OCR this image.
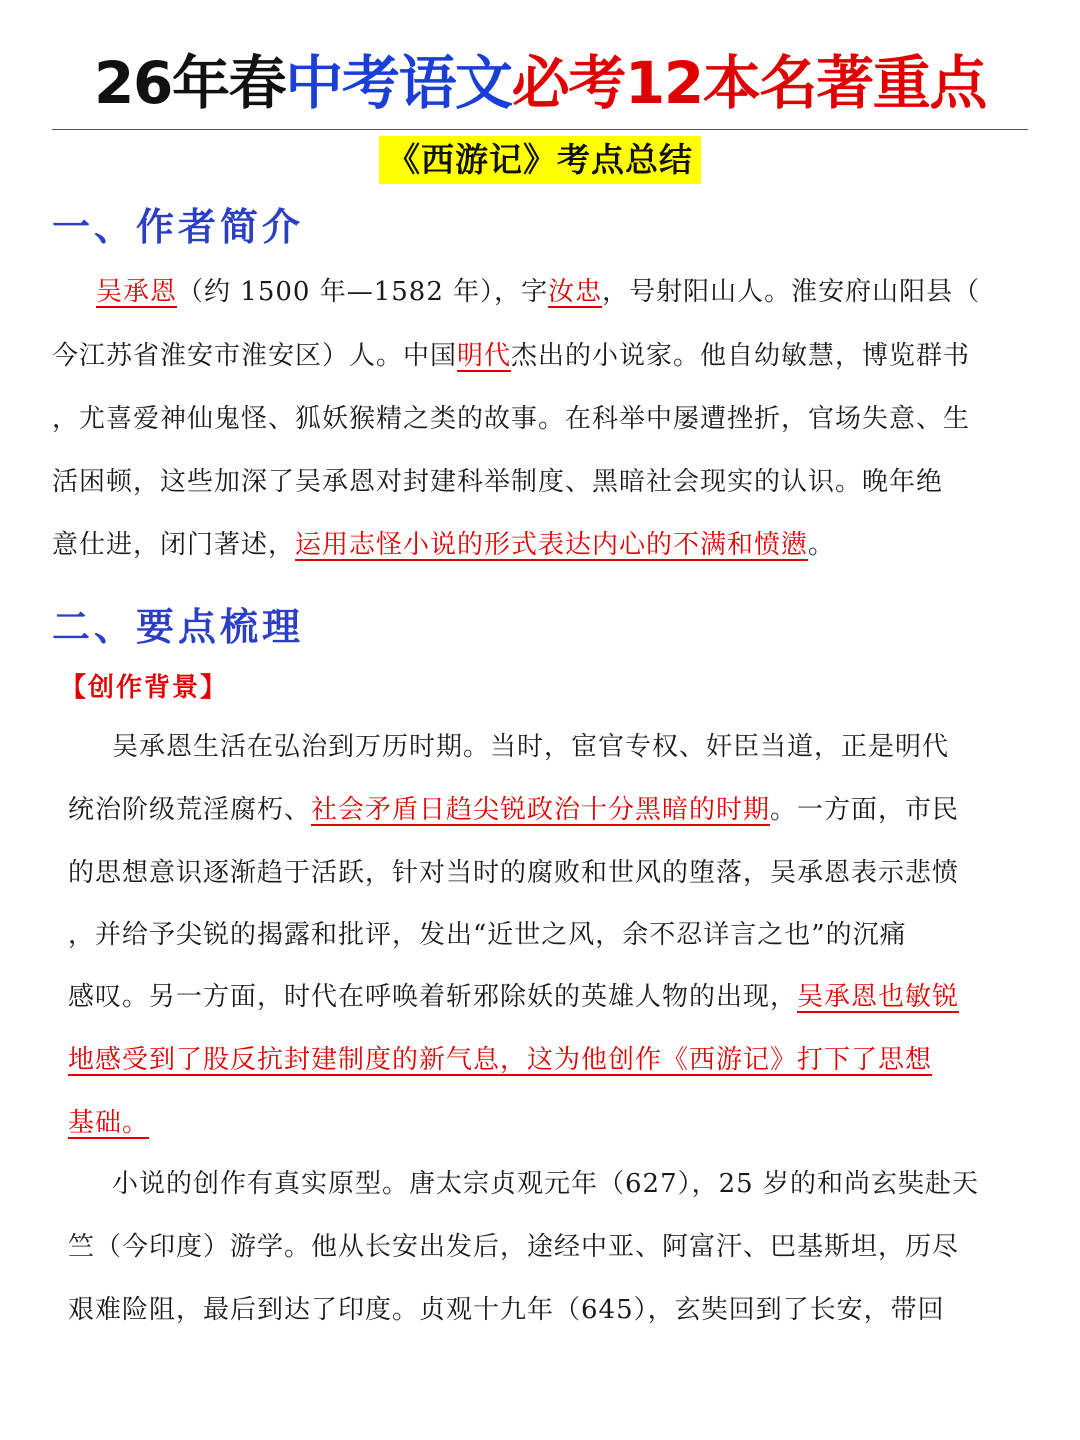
26年春中考语文必考12本名著重点
《西游记》考点总结
一、作者简介
吴承恩（约 1500 年—1582 年），字汝忠，号射阳山人。淮安府山阳县（
今江苏省淮安市淮安区）人。中国明代杰出的小说家。他自幼敏慧，博览群书
，尤喜爱神仙鬼怪、狐妖猴精之类的故事。在科举中屡遭挫折，官场失意、生
活困顿，这些加深了吴承恩对封建科举制度、黑暗社会现实的认识。晚年绝
意仕进，闭门著述，运用志怪小说的形式表达内心的不满和愤懑。
二、要点梳理
【创作背景】
吴承恩生活在弘治到万历时期。当时，宦官专权、奸臣当道，正是明代
统治阶级荒淫腐朽、社会矛盾日趋尖锐政治十分黑暗的时期。一方面，市民
的思想意识逐渐趋于活跃，针对当时的腐败和世风的堕落，吴承恩表示悲愤
，并给予尖锐的揭露和批评，发出“近世之风，余不忍详言之也”的沉痛
感叹。另一方面，时代在呼唤着斩邪除妖的英雄人物的出现，吴承恩也敏锐
地感受到了股反抗封建制度的新气息，这为他创作《西游记》打下了思想
基础。
小说的创作有真实原型。唐太宗贞观元年（627），25 岁的和尚玄奘赴天
竺（今印度）游学。他从长安出发后，途经中亚、阿富汗、巴基斯坦，历尽
艰难险阻，最后到达了印度。贞观十九年（645），玄奘回到了长安，带回
